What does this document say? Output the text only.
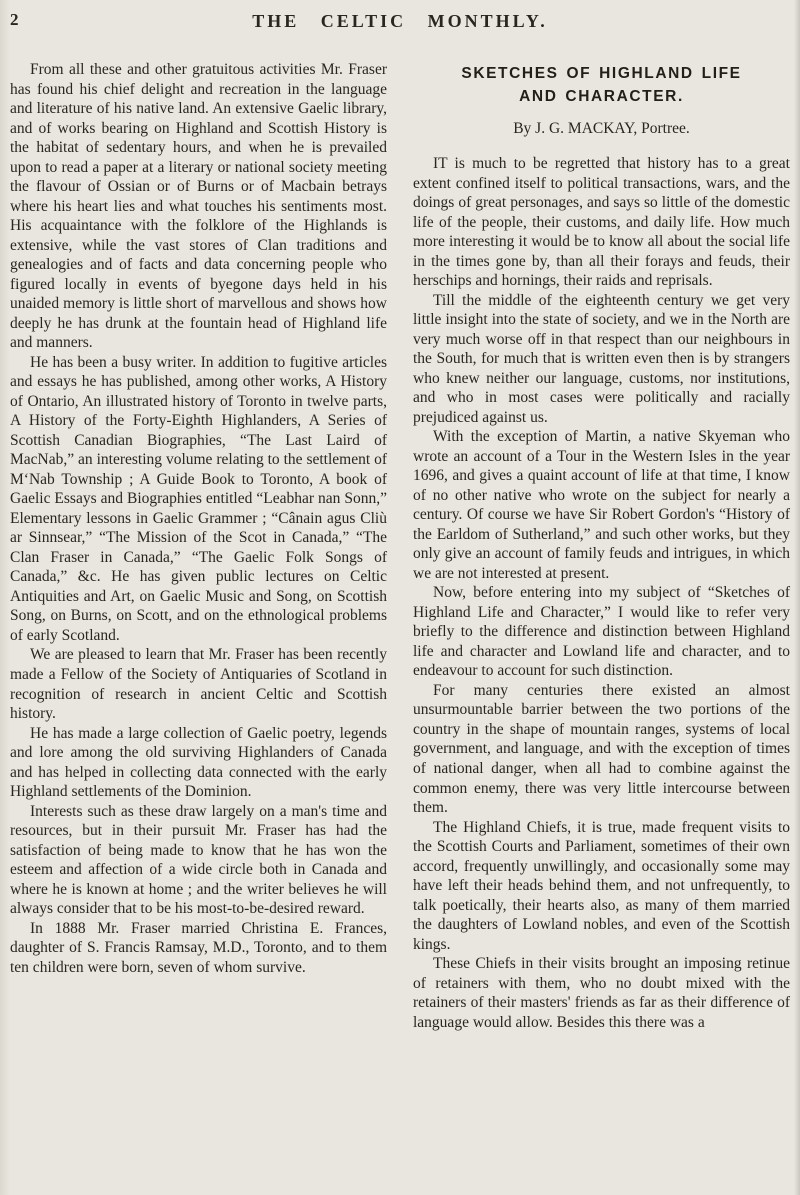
2	THE CELTIC MONTHLY.

From all these and other gratuitous activities Mr. Fraser has found his chief delight and recreation in the language and literature of his native land. An extensive Gaelic library, and of works bearing on Highland and Scottish History is the habitat of sedentary hours, and when he is prevailed upon to read a paper at a literary or national society meeting the flavour of Ossian or of Burns or of Macbain betrays where his heart lies and what touches his sentiments most. His acquaintance with the folklore of the Highlands is extensive, while the vast stores of Clan traditions and genealogies and of facts and data concerning people who figured locally in events of byegone days held in his unaided memory is little short of marvellous and shows how deeply he has drunk at the fountain head of Highland life and manners.

He has been a busy writer. In addition to fugitive articles and essays he has published, among other works, A History of Ontario, An illustrated history of Toronto in twelve parts, A History of the Forty-Eighth Highlanders, A Series of Scottish Canadian Biographies, “The Last Laird of MacNab,” an interesting volume relating to the settlement of M‘Nab Township ; A Guide Book to Toronto, A book of Gaelic Essays and Biographies entitled “Leabhar nan Sonn,” Elementary lessons in Gaelic Grammer ; “Cânain agus Cliù ar Sinnsear,” “The Mission of the Scot in Canada,” “The Clan Fraser in Canada,” “The Gaelic Folk Songs of Canada,” &c. He has given public lectures on Celtic Antiquities and Art, on Gaelic Music and Song, on Scottish Song, on Burns, on Scott, and on the ethnological problems of early Scotland.

We are pleased to learn that Mr. Fraser has been recently made a Fellow of the Society of Antiquaries of Scotland in recognition of research in ancient Celtic and Scottish history.

He has made a large collection of Gaelic poetry, legends and lore among the old surviving Highlanders of Canada and has helped in collecting data connected with the early Highland settlements of the Dominion.

Interests such as these draw largely on a man's time and resources, but in their pursuit Mr. Fraser has had the satisfaction of being made to know that he has won the esteem and affection of a wide circle both in Canada and where he is known at home ; and the writer believes he will always consider that to be his most-to-be-desired reward.

In 1888 Mr. Fraser married Christina E. Frances, daughter of S. Francis Ramsay, M.D., Toronto, and to them ten children were born, seven of whom survive.

SKETCHES OF HIGHLAND LIFE
AND CHARACTER.
By J. G. MACKAY, Portree.

IT is much to be regretted that history has to a great extent confined itself to political transactions, wars, and the doings of great personages, and says so little of the domestic life of the people, their customs, and daily life. How much more interesting it would be to know all about the social life in the times gone by, than all their forays and feuds, their herschips and hornings, their raids and reprisals.

Till the middle of the eighteenth century we get very little insight into the state of society, and we in the North are very much worse off in that respect than our neighbours in the South, for much that is written even then is by strangers who knew neither our language, customs, nor institutions, and who in most cases were politically and racially prejudiced against us.

With the exception of Martin, a native Skyeman who wrote an account of a Tour in the Western Isles in the year 1696, and gives a quaint account of life at that time, I know of no other native who wrote on the subject for nearly a century. Of course we have Sir Robert Gordon's “History of the Earldom of Sutherland,” and such other works, but they only give an account of family feuds and intrigues, in which we are not interested at present.

Now, before entering into my subject of “Sketches of Highland Life and Character,” I would like to refer very briefly to the difference and distinction between Highland life and character and Lowland life and character, and to endeavour to account for such distinction.

For many centuries there existed an almost unsurmountable barrier between the two portions of the country in the shape of mountain ranges, systems of local government, and language, and with the exception of times of national danger, when all had to combine against the common enemy, there was very little intercourse between them.

The Highland Chiefs, it is true, made frequent visits to the Scottish Courts and Parliament, sometimes of their own accord, frequently unwillingly, and occasionally some may have left their heads behind them, and not unfrequently, to talk poetically, their hearts also, as many of them married the daughters of Lowland nobles, and even of the Scottish kings.

These Chiefs in their visits brought an imposing retinue of retainers with them, who no doubt mixed with the retainers of their masters' friends as far as their difference of language would allow. Besides this there was a
